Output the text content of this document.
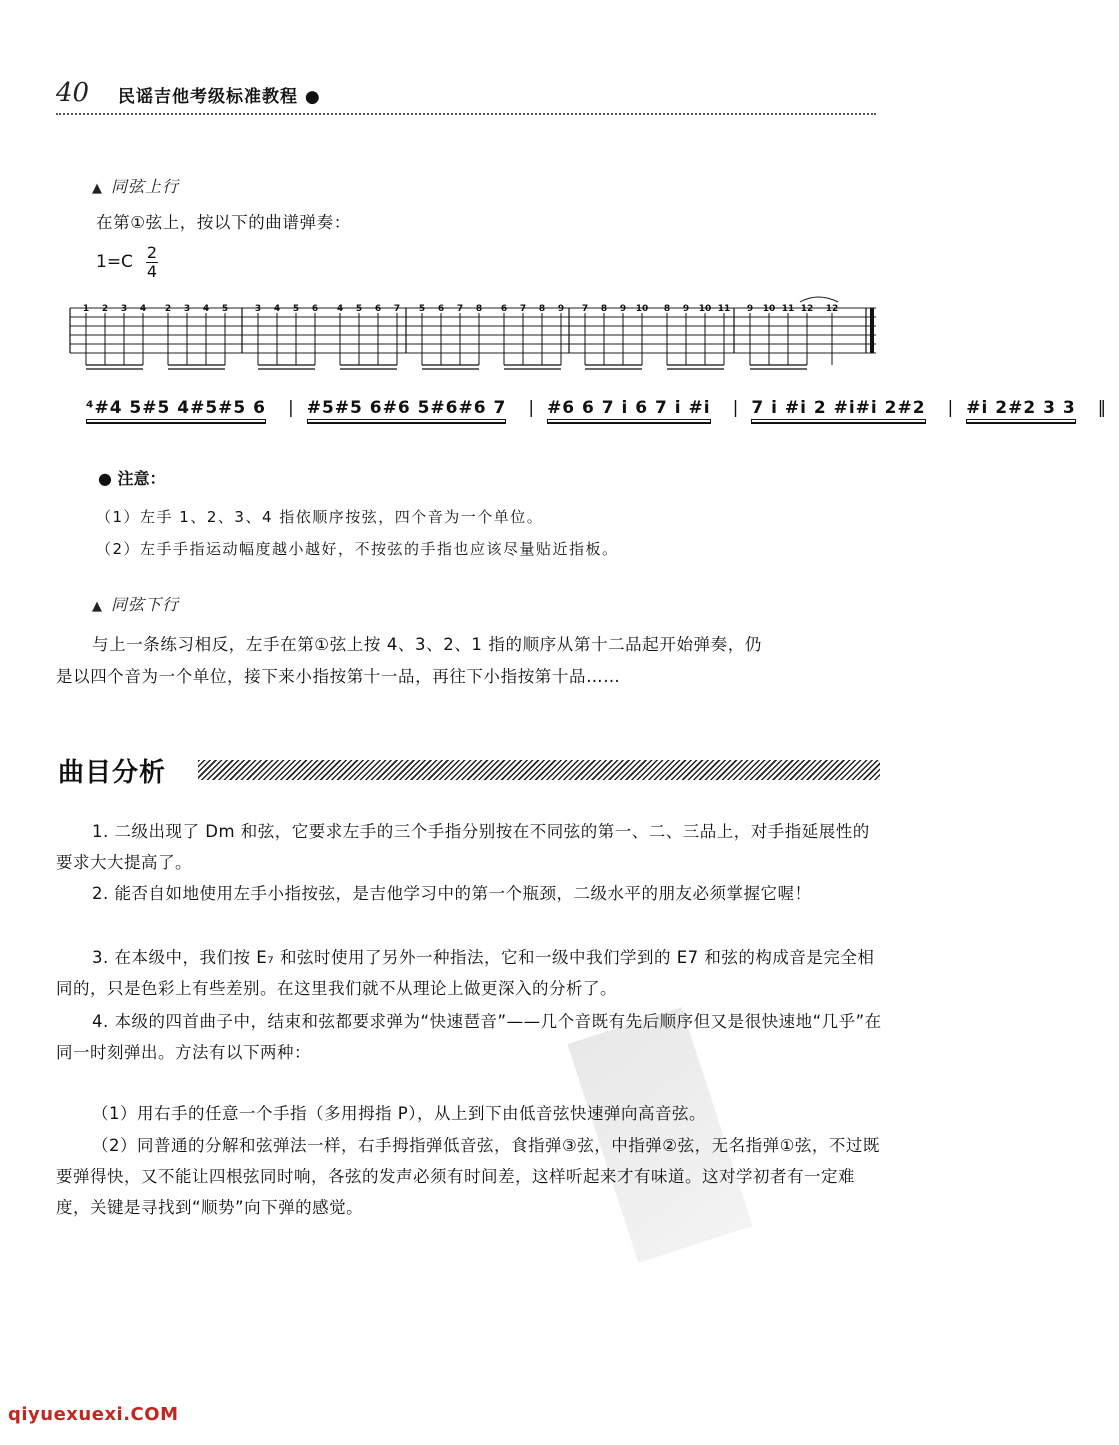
40 民谣吉他考级标准教程 ●
▲ 同弦上行
在第①弦上，按以下的曲谱弹奏：
1=C 2
4
1 2 3 4 2 3 4 5	3 4 5 6 4 5 6 7 5 6 7 8 6 7 8 9 7 8 9 10 8 9 10 11 9 10 11 12 12
⁴#4 5#5 4#5#5 6 | #5#5 6#6 5#6#6 7 | #6 6 7 i 6 7 i #i | 7 i #i 2 #i#i 2#2 | #i 2#2 3 3 ‖
● 注意：
（1）左手 1、2、3、4 指依顺序按弦，四个音为一个单位。
（2）左手手指运动幅度越小越好，不按弦的手指也应该尽量贴近指板。
▲ 同弦下行
与上一条练习相反，左手在第①弦上按 4、3、2、1 指的顺序从第十二品起开始弹奏，仍
是以四个音为一个单位，接下来小指按第十一品，再往下小指按第十品……
曲目分析
1. 二级出现了 Dm 和弦，它要求左手的三个手指分别按在不同弦的第一、二、三品上，对手指延展性的要求大大提高了。
2. 能否自如地使用左手小指按弦，是吉他学习中的第一个瓶颈，二级水平的朋友必须掌握它喔！
3. 在本级中，我们按 E₇ 和弦时使用了另外一种指法，它和一级中我们学到的 E7 和弦的构成音是完全相同的，只是色彩上有些差别。在这里我们就不从理论上做更深入的分析了。
4. 本级的四首曲子中，结束和弦都要求弹为“快速琶音”——几个音既有先后顺序但又是很快速地“几乎”在同一时刻弹出。方法有以下两种：
（1）用右手的任意一个手指（多用拇指 P），从上到下由低音弦快速弹向高音弦。
（2）同普通的分解和弦弹法一样，右手拇指弹低音弦，食指弹③弦，中指弹②弦，无名指弹①弦，不过既要弹得快，又不能让四根弦同时响，各弦的发声必须有时间差，这样听起来才有味道。这对学初者有一定难度，关键是寻找到“顺势”向下弹的感觉。
qiyuexuexi.COM
